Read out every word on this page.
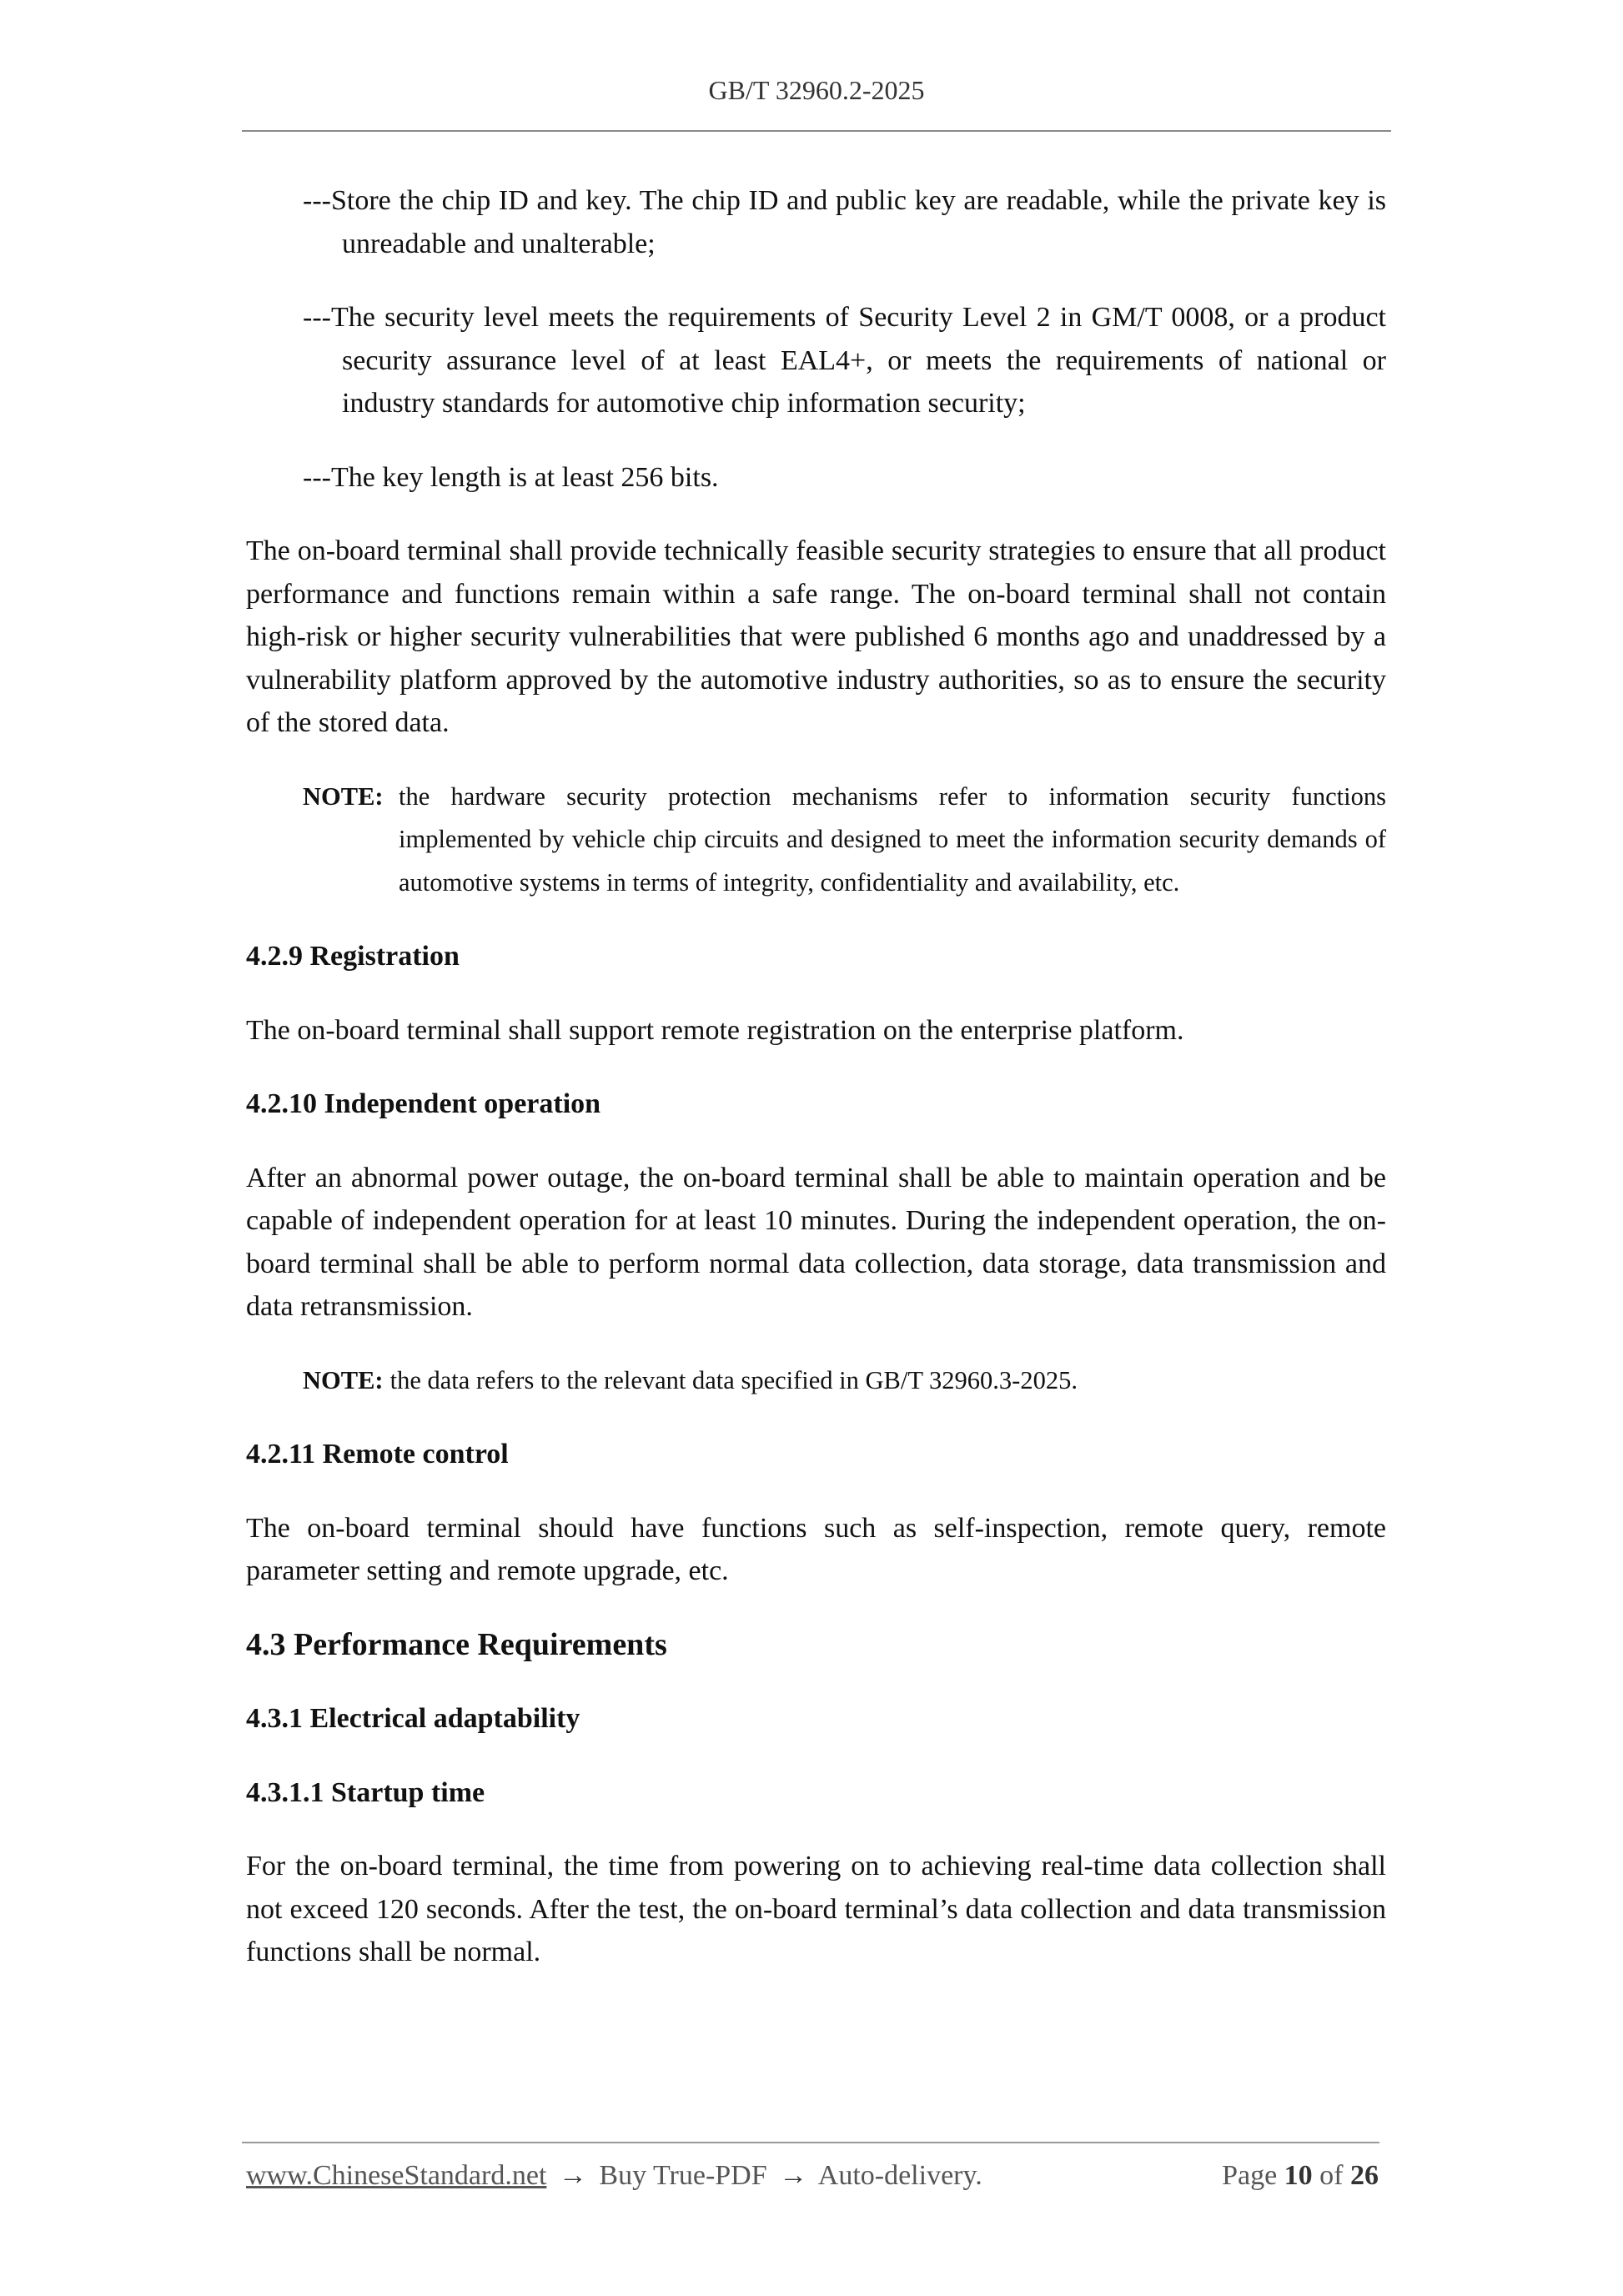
GB/T 32960.2-2025

---Store the chip ID and key. The chip ID and public key are readable, while the private key is unreadable and unalterable;

---The security level meets the requirements of Security Level 2 in GM/T 0008, or a product security assurance level of at least EAL4+, or meets the requirements of national or industry standards for automotive chip information security;

---The key length is at least 256 bits.

The on-board terminal shall provide technically feasible security strategies to ensure that all product performance and functions remain within a safe range. The on-board terminal shall not contain high-risk or higher security vulnerabilities that were published 6 months ago and unaddressed by a vulnerability platform approved by the automotive industry authorities, so as to ensure the security of the stored data.

NOTE: the hardware security protection mechanisms refer to information security functions implemented by vehicle chip circuits and designed to meet the information security demands of automotive systems in terms of integrity, confidentiality and availability, etc.
4.2.9 Registration

The on-board terminal shall support remote registration on the enterprise platform.

4.2.10 Independent operation

After an abnormal power outage, the on-board terminal shall be able to maintain operation and be capable of independent operation for at least 10 minutes. During the independent operation, the on-board terminal shall be able to perform normal data collection, data storage, data transmission and data retransmission.

NOTE: the data refers to the relevant data specified in GB/T 32960.3-2025.
4.2.11 Remote control

The on-board terminal should have functions such as self-inspection, remote query, remote parameter setting and remote upgrade, etc.

4.3 Performance Requirements
4.3.1 Electrical adaptability
4.3.1.1 Startup time

For the on-board terminal, the time from powering on to achieving real-time data collection shall not exceed 120 seconds. After the test, the on-board terminal’s data collection and data transmission functions shall be normal.

www.ChineseStandard.net → Buy True-PDF → Auto-delivery.	Page 10 of 26
